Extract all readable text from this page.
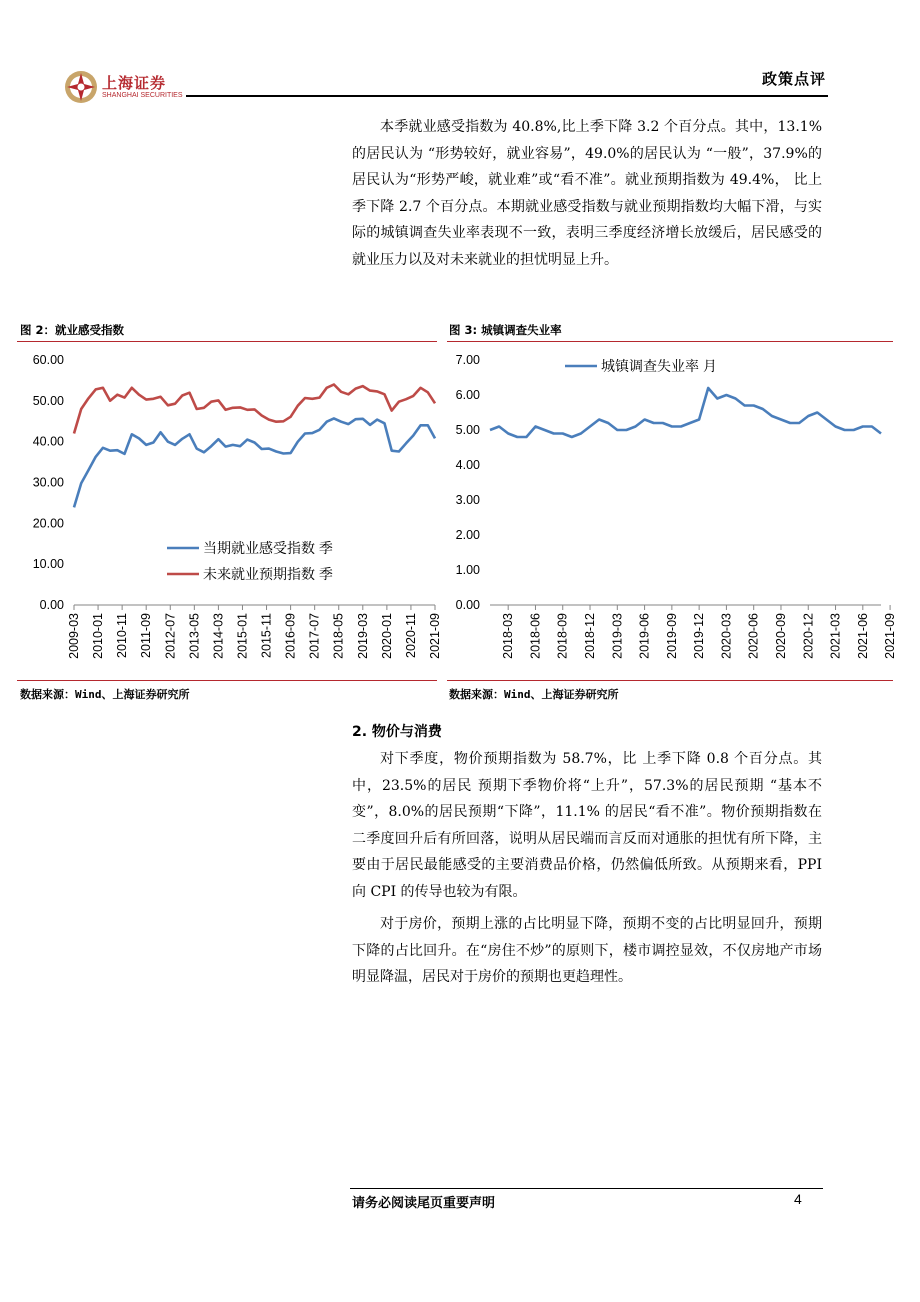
上海证券
SHANGHAI SECURITIES
政策点评

本季就业感受指数为 40.8%,比上季下降 3.2 个百分点。其中，13.1%的居民认为 “形势较好，就业容易”，49.0%的居民认为 “一般”，37.9%的居民认为“形势严峻，就业难”或“看不准”。就业预期指数为 49.4%， 比上季下降 2.7 个百分点。本期就业感受指数与就业预期指数均大幅下滑，与实际的城镇调查失业率表现不一致，表明三季度经济增长放缓后，居民感受的就业压力以及对未来就业的担忧明显上升。

图 2：就业感受指数	图 3: 城镇调查失业率
0.00
10.00
20.00
30.00
40.00
50.00
60.00
2009-03 2010-01 2010-11 2011-09 2012-07 2013-05 2014-03 2015-01 2015-11 2016-09 2017-07 2018-05 2019-03 2020-01 2020-11 2021-09
当期就业感受指数 季
未来就业预期指数 季
0.00
1.00
2.00
3.00
4.00
5.00
6.00
7.00
2018-03 2018-06 2018-09 2018-12 2019-03 2019-06 2019-09 2019-12 2020-03 2020-06 2020-09 2020-12 2021-03 2021-06 2021-09
城镇调查失业率 月
数据来源：Wind、上海证券研究所	数据来源：Wind、上海证券研究所
2. 物价与消费

对下季度，物价预期指数为 58.7%，比 上季下降 0.8 个百分点。其中，23.5%的居民 预期下季物价将“上升”，57.3%的居民预期 “基本不变”，8.0%的居民预期“下降”，11.1% 的居民“看不准”。物价预期指数在二季度回升后有所回落，说明从居民端而言反而对通胀的担忧有所下降，主要由于居民最能感受的主要消费品价格，仍然偏低所致。从预期来看，PPI 向 CPI 的传导也较为有限。

对于房价，预期上涨的占比明显下降，预期不变的占比明显回升，预期下降的占比回升。在“房住不炒”的原则下，楼市调控显效，不仅房地产市场明显降温，居民对于房价的预期也更趋理性。

请务必阅读尾页重要声明	4
